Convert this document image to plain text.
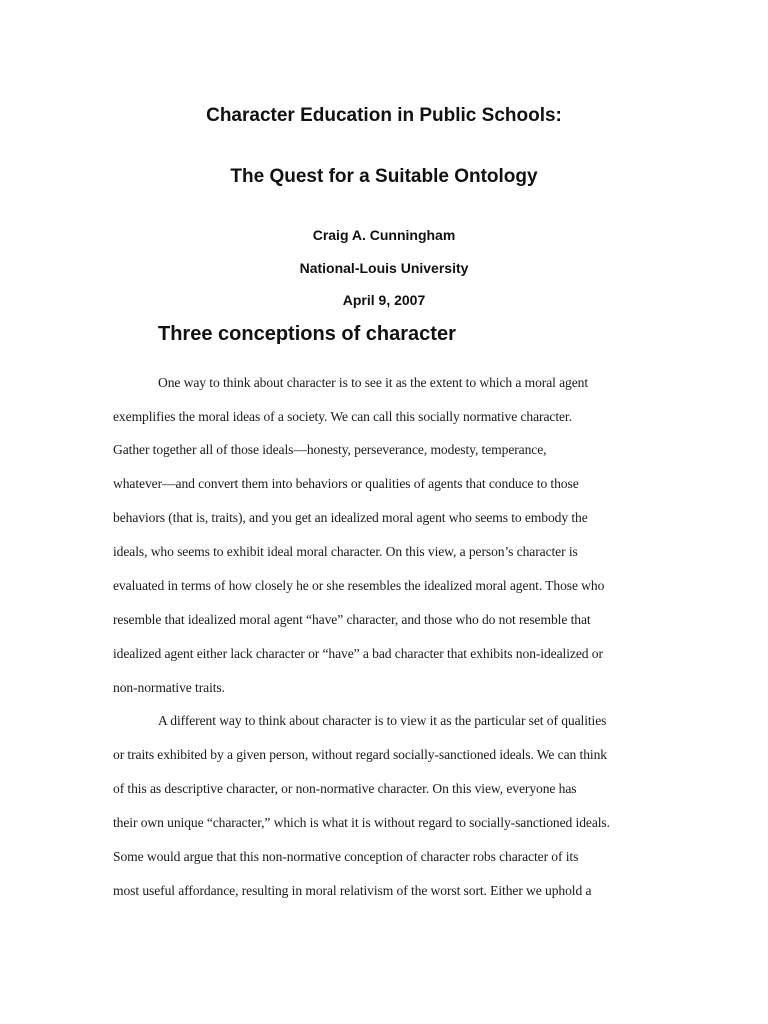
Character Education in Public Schools:
The Quest for a Suitable Ontology
Craig A. Cunningham
National-Louis University
April 9, 2007
Three conceptions of character
One way to think about character is to see it as the extent to which a moral agent
exemplifies the moral ideas of a society. We can call this socially normative character.
Gather together all of those ideals—honesty, perseverance, modesty, temperance,
whatever—and convert them into behaviors or qualities of agents that conduce to those
behaviors (that is, traits), and you get an idealized moral agent who seems to embody the
ideals, who seems to exhibit ideal moral character. On this view, a person’s character is
evaluated in terms of how closely he or she resembles the idealized moral agent. Those who
resemble that idealized moral agent “have” character, and those who do not resemble that
idealized agent either lack character or “have” a bad character that exhibits non-idealized or
non-normative traits.
A different way to think about character is to view it as the particular set of qualities
or traits exhibited by a given person, without regard socially-sanctioned ideals. We can think
of this as descriptive character, or non-normative character. On this view, everyone has
their own unique “character,” which is what it is without regard to socially-sanctioned ideals.
Some would argue that this non-normative conception of character robs character of its
most useful affordance, resulting in moral relativism of the worst sort. Either we uphold a
